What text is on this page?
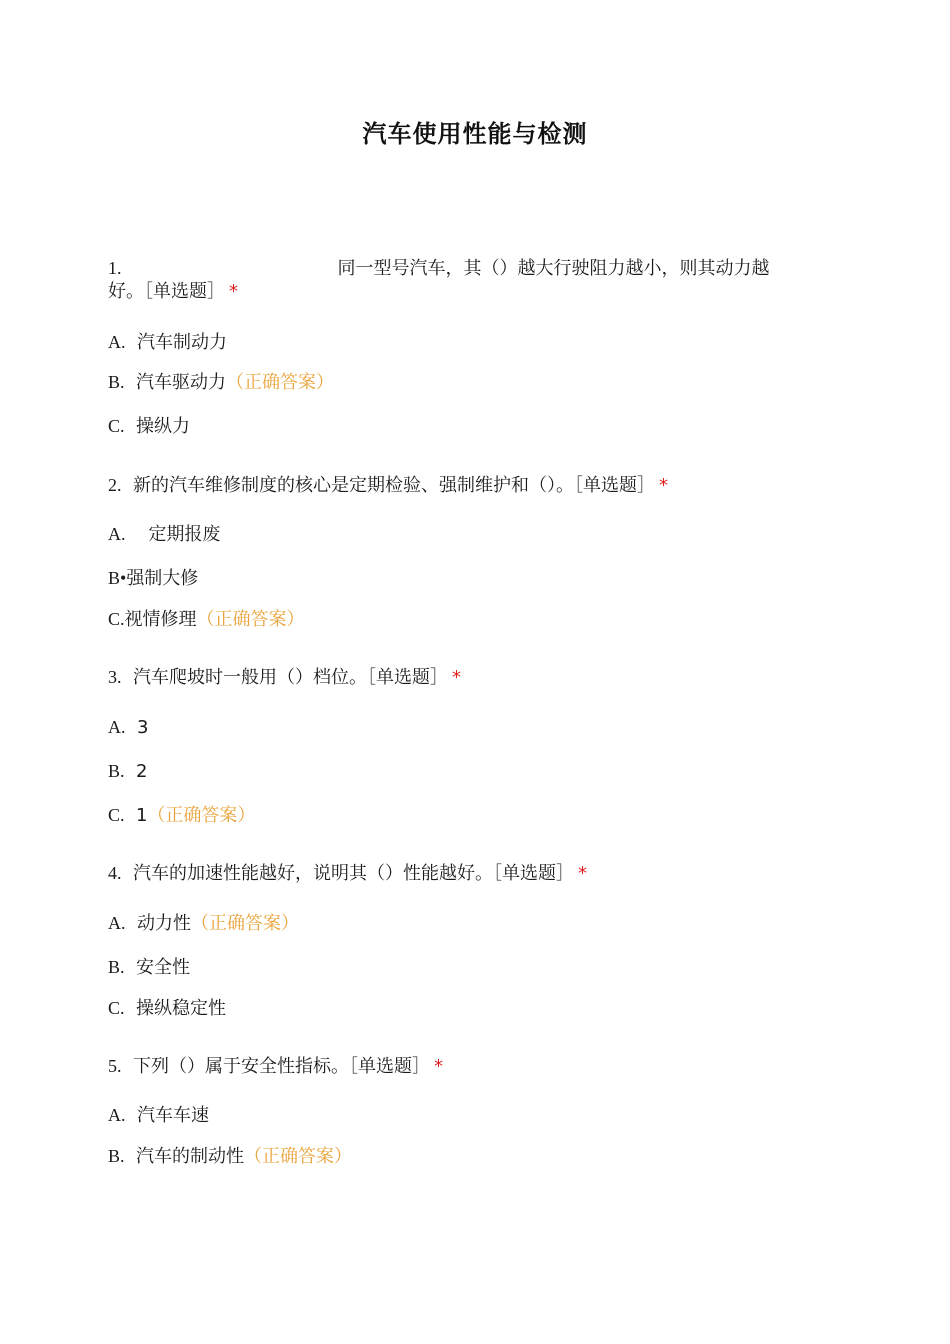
汽车使用性能与检测
1.	同一型号汽车，其（）越大行驶阻力越小，则其动力越
好。［单选题］ *
A. 汽车制动力
B. 汽车驱动力（正确答案）
C. 操纵力
2. 新的汽车维修制度的核心是定期检验、强制维护和（）。［单选题］ *
A. 定期报废
B•强制大修
C.视情修理（正确答案）
3. 汽车爬坡时一般用（）档位。［单选题］ *
A. 3
B. 2
C. 1（正确答案）
4. 汽车的加速性能越好，说明其（）性能越好。［单选题］ *
A. 动力性（正确答案）
B. 安全性
C. 操纵稳定性
5. 下列（）属于安全性指标。［单选题］ *
A. 汽车车速
B. 汽车的制动性（正确答案）
